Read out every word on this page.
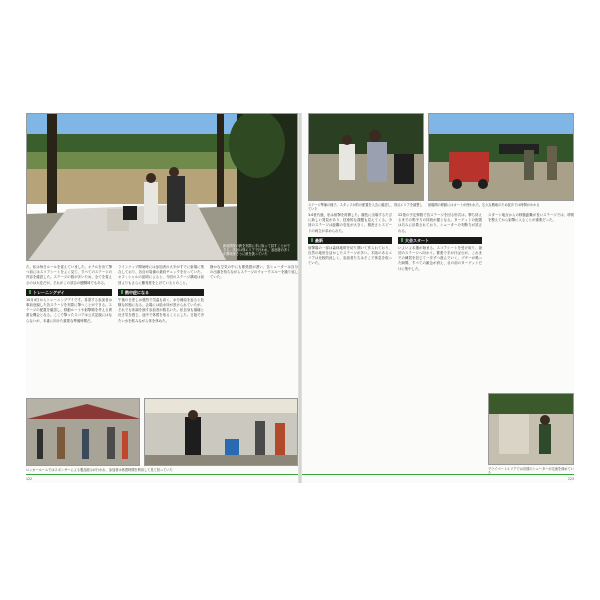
新規開発の銃を実際に手に取って試すことができる。試射は別エリアで行われ、参加者の多くが興味深そうに銃を扱っていた

た。私は毎日ルールを覚えていました。ホテルを出て撃つ前にはスコアシートをよく見て、すべてのステージの内容を確認した。ステージの数が多いため、全てを覚えるのは大変だが、それがこの試合の醍醐味でもある。

トレーニングデイ

10月4日からトレーニングデイです。希望する参加者は事前登録した各ステージを実際に撃つことができる。ステージの配置を確認し、移動ルートや射撃順を考える貴重な機会となる。ここで撃ったスコアは公式記録にはならないが、本番に向けた重要な準備時間だ。

ラインナップ開始時には参加者の大半がすでに射場に集合しており、各自が装備の最終チェックを行っていた。オフィシャルの説明によると、今回のステージ構成は前回よりもさらに難易度を上げているとのこと。

熱中症になる

午後の日差しは強烈で気温も高く、水分補給を怠ると危険な状態になる。会場には給水所が設けられていたが、それでも体調を崩す参加者が数名いた。私自身も頭痛と吐き気を感じ、途中で休憩を取ることにした。日陰で冷たい水を飲みながら体を休めた。

静かな空気の中にも緊張感が漂い、各シューターは自分の出番を待ちながらステージのウォークスルーを繰り返していた。

ロッカールームではスポンサーによる製品展示が行われ、参加者は休憩時間を利用して見て回っていた
122
ステージ準備の様子。スタッフが的の配置を入念に確認し、得点エリアを調整していた
射場間の移動にはカートが使われた。広大な敷地のため徒歩では時間がかかる

3.6世代後、私は射撃を再開した。競技に出場するたびに新しい発見があり、技術的な課題も見えてくる。今回のステージは距離の変化が大きく、精密さとスピードの両立が求められた。

最新

射撃場の一部は森林地帯を切り開いて作られており、自然の地形を活かしたステージが多い。木陰のあるエリアは比較的涼しく、参加者たちはそこで休息を取っていた。

22発の予定弾数で各ステージを回る形式は、撃ち終えるまでの集中力の持続が鍵となる。ターゲットの配置は巧みに計算されており、シューターの判断力が試される。

大会スタート

いよいよ本選が始まる。スコアシートを受け取り、最初のステージへ向かう。緊張で手が汗ばむが、これまでの練習を信じて一歩ずつ進んでいく。ブザーが鳴った瞬間、すべての雑念が消え、目の前のターゲットだけに集中した。

スタート地点からの移動距離が長いステージでは、呼吸を整えてから射撃に入ることが重要だった。

プライベートエリアでは各国のシューターが交流を深めていた
123
